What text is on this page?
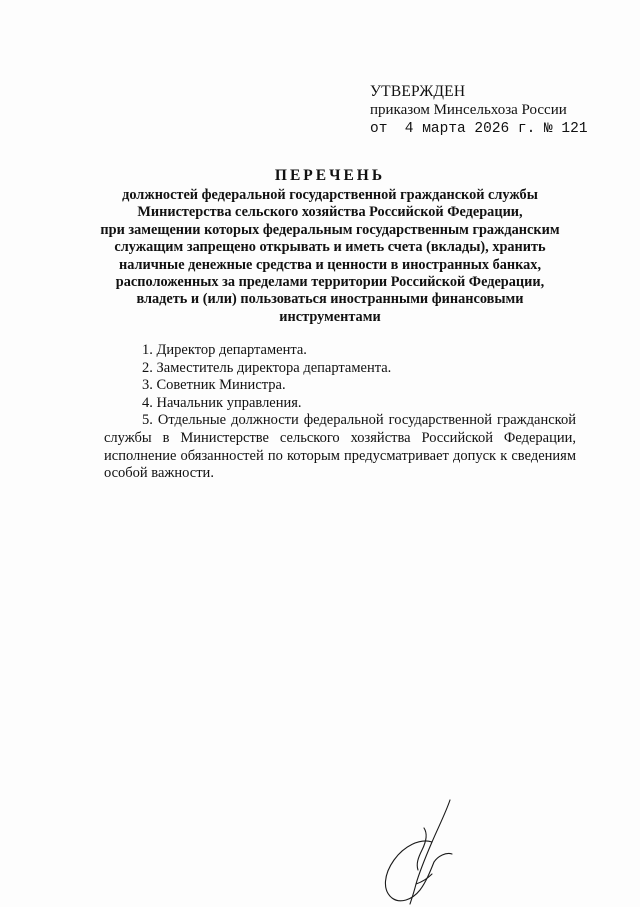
УТВЕРЖДЕН
приказом Минсельхоза России
от  4 марта 2026 г. № 121
ПЕРЕЧЕНЬ
должностей федеральной государственной гражданской службы
Министерства сельского хозяйства Российской Федерации,
при замещении которых федеральным государственным гражданским
служащим запрещено открывать и иметь счета (вклады), хранить
наличные денежные средства и ценности в иностранных банках,
расположенных за пределами территории Российской Федерации,
владеть и (или) пользоваться иностранными финансовыми
инструментами
1. Директор департамента.
2. Заместитель директора департамента.
3. Советник Министра.
4. Начальник управления.
5. Отдельные должности федеральной государственной гражданской службы в Министерстве сельского хозяйства Российской Федерации, исполнение обязанностей по которым предусматривает допуск к сведениям особой важности.
